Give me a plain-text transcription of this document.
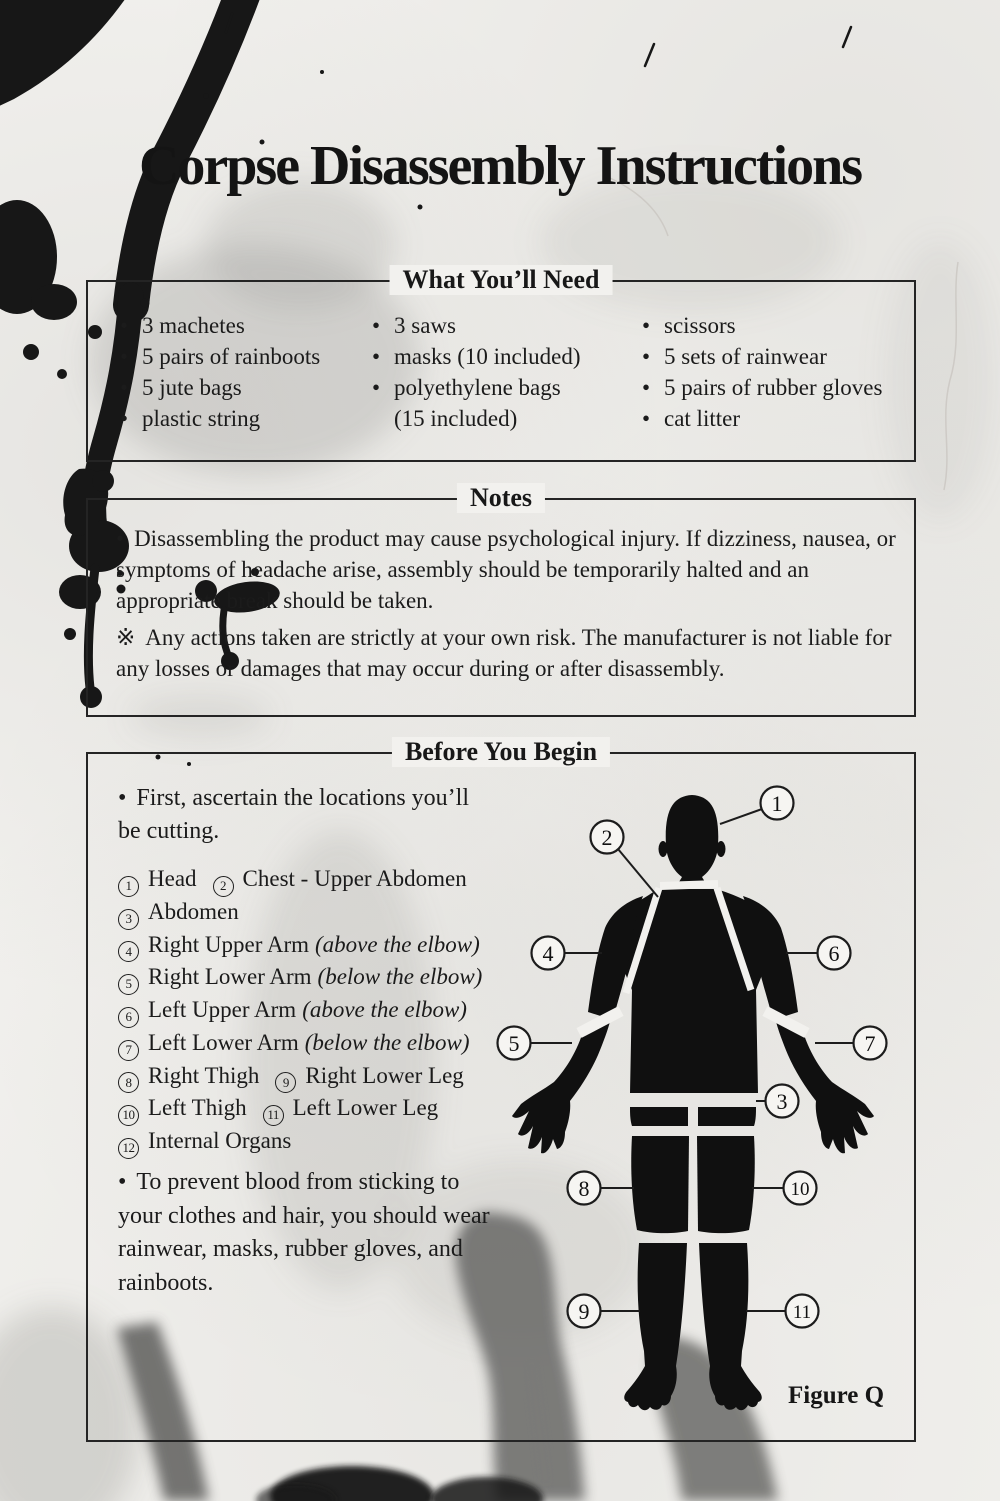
Corpse Disassembly Instructions
What You’ll Need
• 3 machetes
• 5 pairs of rainboots
• 5 jute bags
• plastic string
• 3 saws
• masks (10 included)
• polyethylene bags
(15 included)
• scissors
• 5 sets of rainwear
• 5 pairs of rubber gloves
• cat litter
Notes
• Disassembling the product may cause psychological injury. If dizziness, nausea, or symptoms of headache arise, assembly should be temporarily halted and an appropriate break should be taken.
※ Any actions taken are strictly at your own risk. The manufacturer is not liable for any losses or damages that may occur during or after disassembly.
Before You Begin
• First, ascertain the locations you’ll be cutting.
1 Head 2 Chest - Upper Abdomen
3 Abdomen
4 Right Upper Arm (above the elbow)
5 Right Lower Arm (below the elbow)
6 Left Upper Arm (above the elbow)
7 Left Lower Arm (below the elbow)
8 Right Thigh 9 Right Lower Leg
10 Left Thigh 11 Left Lower Leg
12 Internal Organs
• To prevent blood from sticking to your clothes and hair, you should wear rainwear, masks, rubber gloves, and rainboots.
1
2
3
4
5
6
7
8
9
10
11
Figure Q
